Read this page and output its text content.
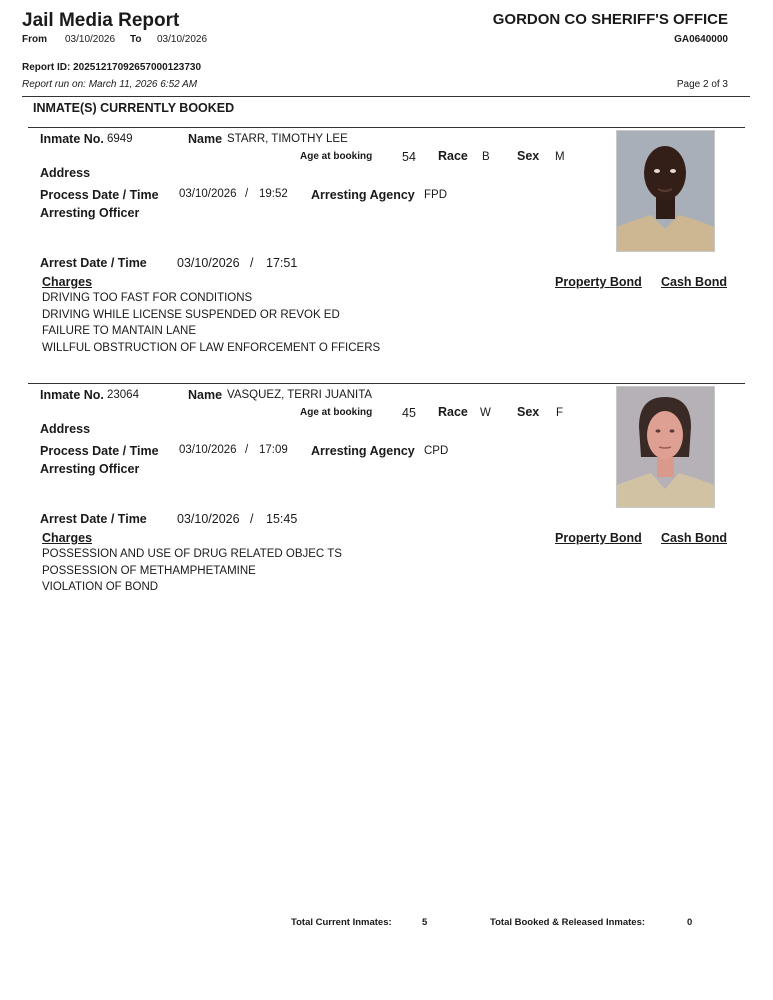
Jail Media Report
From 03/10/2026 To 03/10/2026
GORDON CO SHERIFF'S OFFICE
GA0640000
Report ID: 20251217092657000123730
Report run on: March 11, 2026 6:52 AM	Page 2 of 3
INMATE(S) CURRENTLY BOOKED
Inmate No. 6949	Name STARR, TIMOTHY LEE
Age at booking 54 Race B Sex M
Address
Process Date / Time 03/10/2026 / 19:52 Arresting Agency FPD
Arresting Officer
Arrest Date / Time 03/10/2026 / 17:51
Charges	Property Bond Cash Bond
DRIVING TOO FAST FOR CONDITIONS
DRIVING WHILE LICENSE SUSPENDED OR REVOK ED
FAILURE TO MANTAIN LANE
WILLFUL OBSTRUCTION OF LAW ENFORCEMENT O FFICERS
Inmate No. 23064	Name VASQUEZ, TERRI JUANITA
Age at booking 45 Race W Sex F
Address
Process Date / Time 03/10/2026 / 17:09 Arresting Agency CPD
Arresting Officer
Arrest Date / Time 03/10/2026 / 15:45
Charges	Property Bond Cash Bond
POSSESSION AND USE OF DRUG RELATED OBJEC TS
POSSESSION OF METHAMPHETAMINE
VIOLATION OF BOND
Total Current Inmates:	5	Total Booked & Released Inmates:	0
